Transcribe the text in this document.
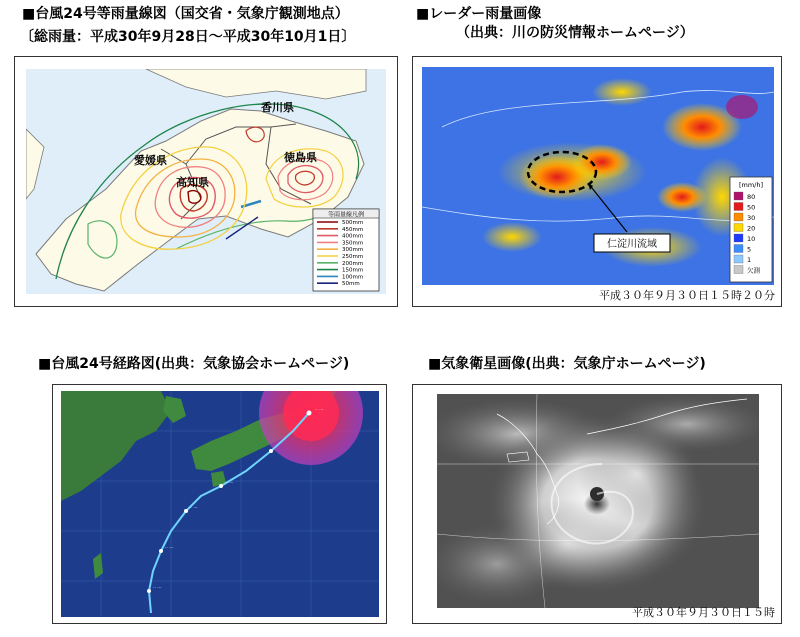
■台風24号等雨量線図（国交省・気象庁観測地点）
〔総雨量：平成30年9月28日～平成30年10月1日〕
香川県
愛媛県	徳島県
高知県
等雨量線凡例
500mm
450mm
400mm
350mm
300mm
250mm
200mm
150mm
100mm
50mm
■レーダー雨量画像
（出典：川の防災情報ホームページ）
仁淀川流域
[mm/h]
80
50
30
20
10
5
1
欠測
平成３０年９月３０日１５時２０分
■台風24号経路図(出典：気象協会ホームページ)
·· ···
·· ···
·· ···
·· ···
·· ···
■気象衛星画像(出典：気象庁ホームページ)
平成３０年９月３０日１５時
